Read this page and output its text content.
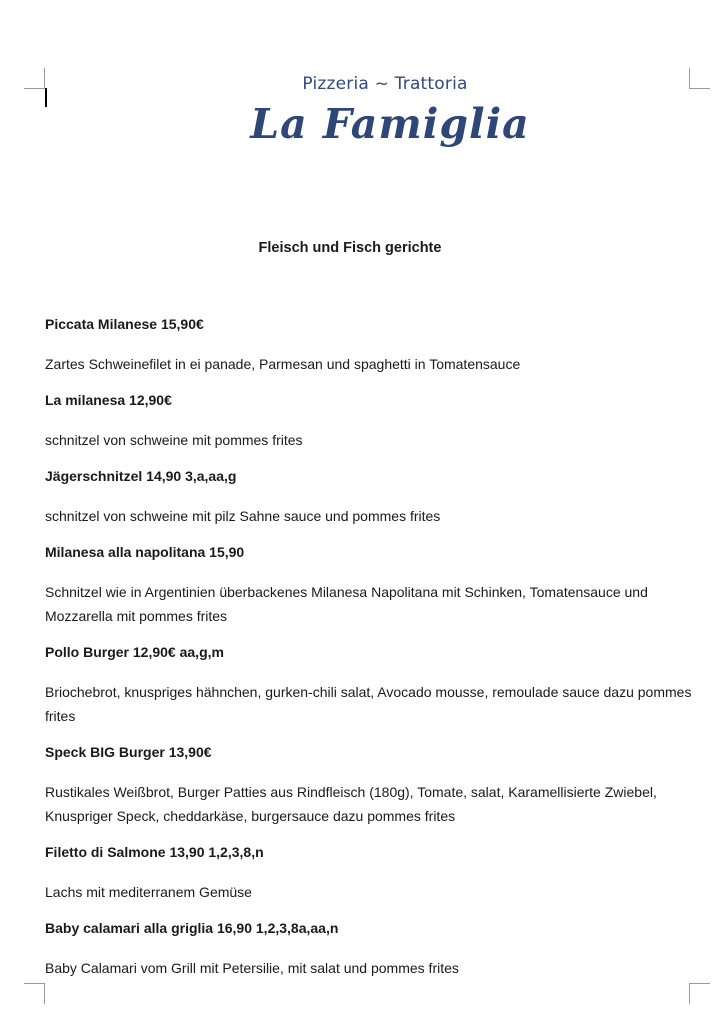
Pizzeria ~ Trattoria
La Famiglia
Fleisch und Fisch gerichte
Piccata Milanese 15,90€
Zartes Schweinefilet in ei panade, Parmesan und spaghetti in Tomatensauce
La milanesa 12,90€
schnitzel von schweine mit pommes frites
Jägerschnitzel 14,90 3,a,aa,g
schnitzel von schweine mit pilz Sahne sauce und pommes frites
Milanesa alla napolitana 15,90
Schnitzel wie in Argentinien überbackenes Milanesa Napolitana mit Schinken, Tomatensauce und Mozzarella mit pommes frites
Pollo Burger 12,90€ aa,g,m
Briochebrot, knuspriges hähnchen, gurken-chili salat, Avocado mousse, remoulade sauce dazu pommes frites
Speck BIG Burger 13,90€
Rustikales Weißbrot, Burger Patties aus Rindfleisch (180g), Tomate, salat, Karamellisierte Zwiebel, Knuspriger Speck, cheddarkäse, burgersauce dazu pommes frites
Filetto di Salmone 13,90 1,2,3,8,n
Lachs mit mediterranem Gemüse
Baby calamari alla griglia 16,90 1,2,3,8a,aa,n
Baby Calamari vom Grill mit Petersilie, mit salat und pommes frites
